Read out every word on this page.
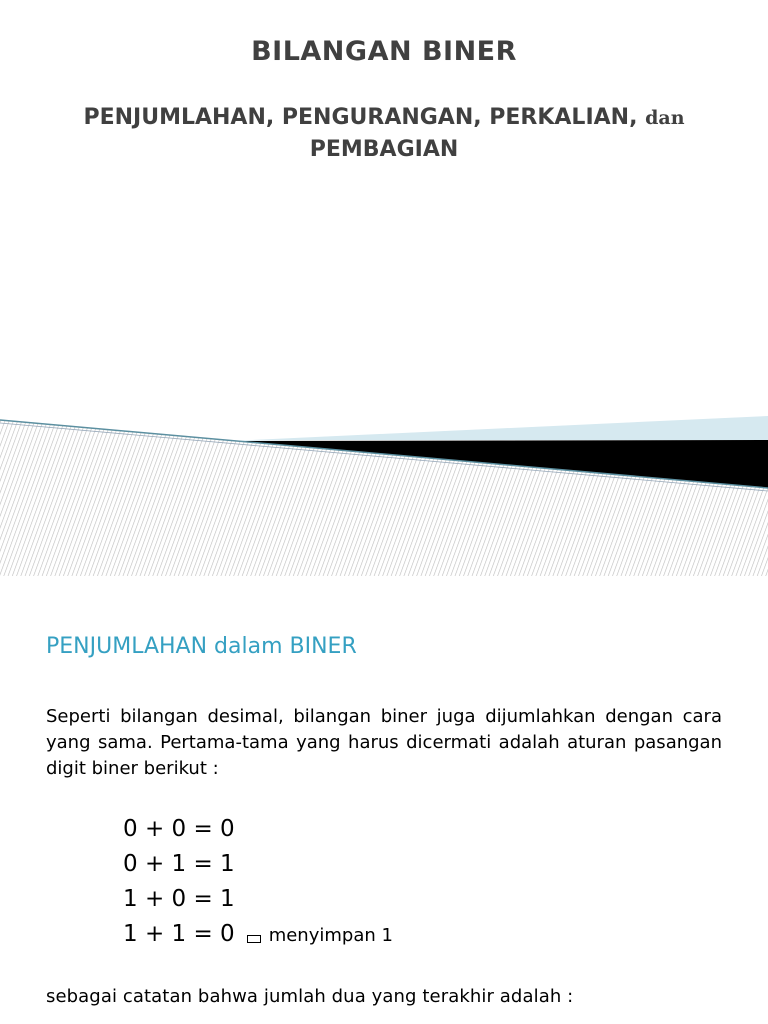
BILANGAN BINER
PENJUMLAHAN, PENGURANGAN, PERKALIAN, dan
PEMBAGIAN
PENJUMLAHAN dalam BINER
Seperti bilangan desimal, bilangan biner juga dijumlahkan dengan cara yang sama. Pertama-tama yang harus dicermati adalah aturan pasangan digit biner berikut :
0 + 0 = 0
0 + 1 = 1
1 + 0 = 1
1 + 1 = 0 menyimpan 1
sebagai catatan bahwa jumlah dua yang terakhir adalah :
